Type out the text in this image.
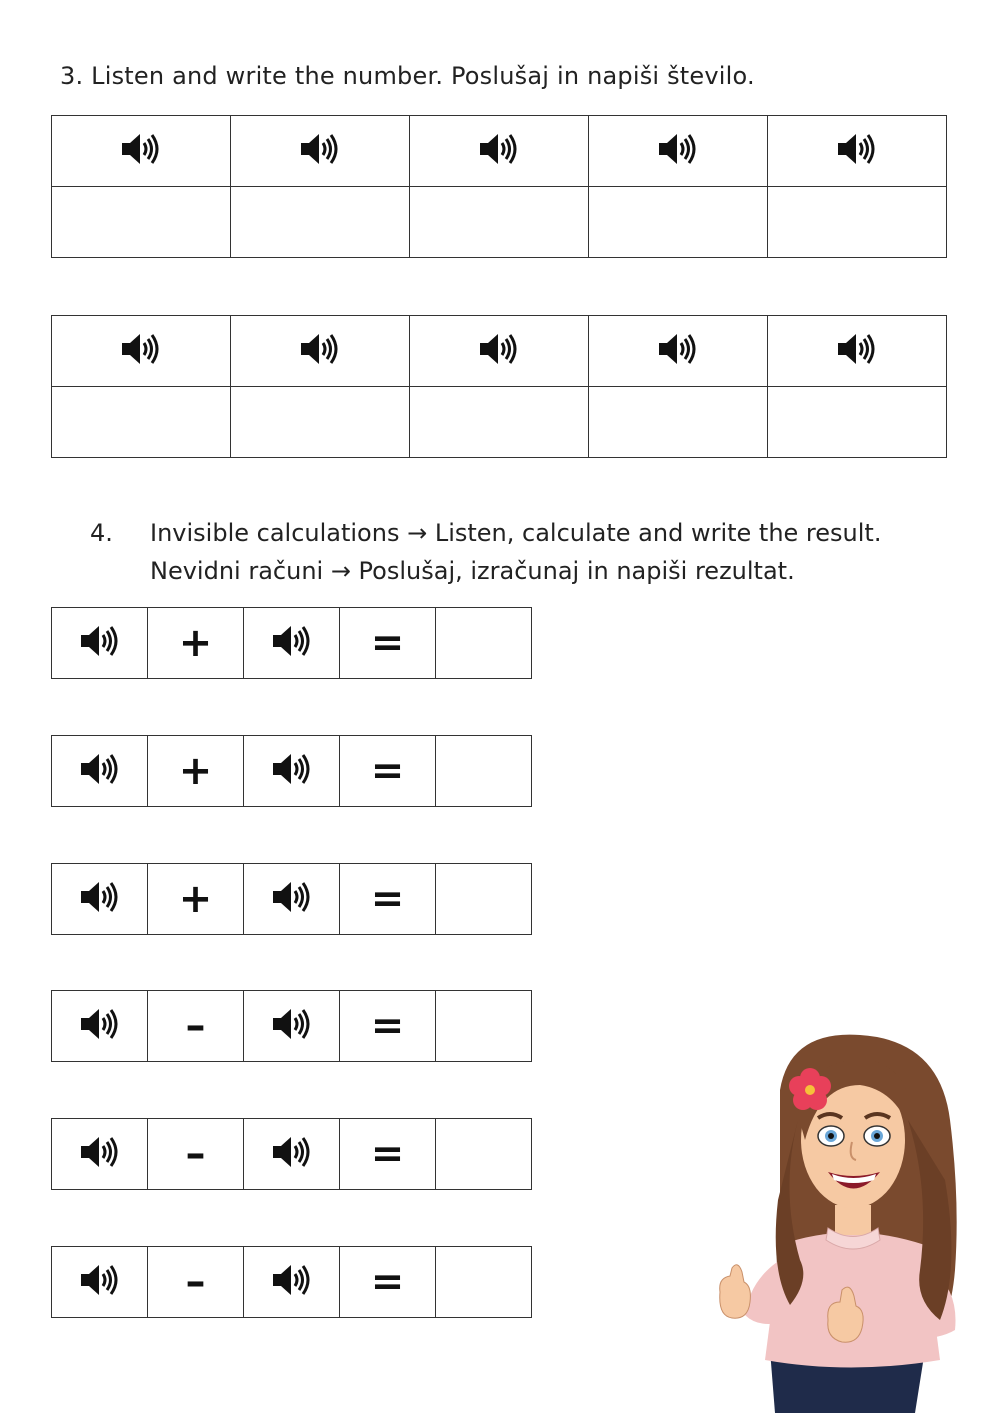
3. Listen and write the number. Poslušaj in napiši število.

4. Invisible calculations → Listen, calculate and write the result.
Nevidni računi → Poslušaj, izračunaj in napiši rezultat.
	+		=	
	+		=	
	+		=	
	–		=	
	–		=	
	–		=	
